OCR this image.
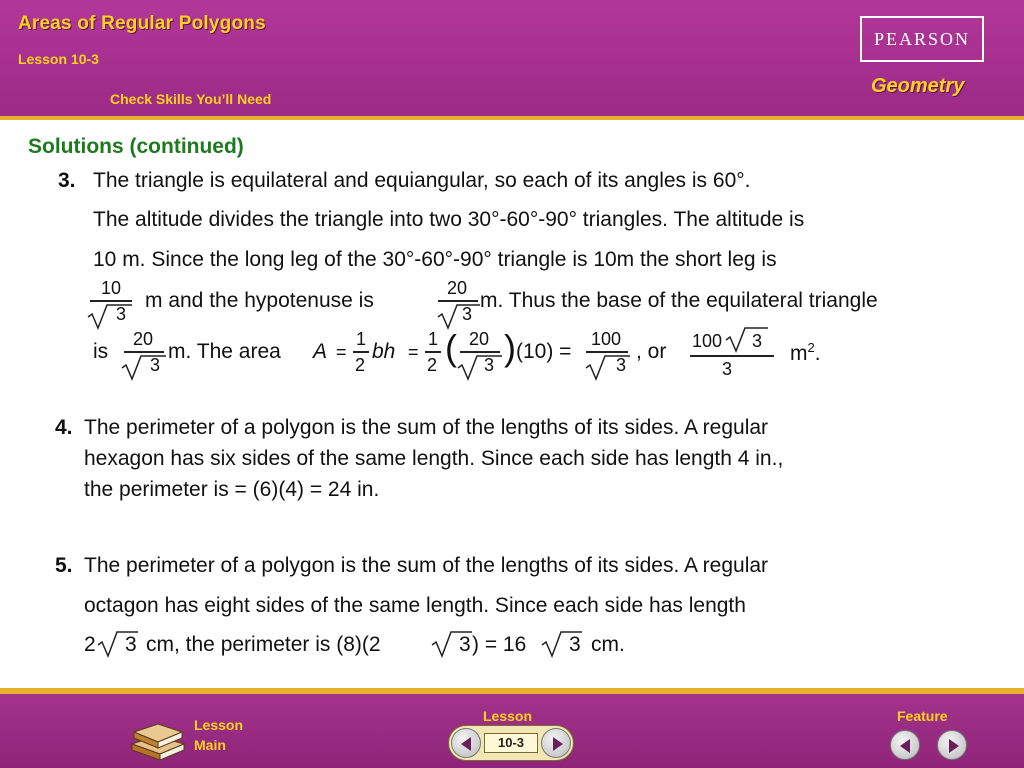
Areas of Regular Polygons
Lesson 10-3
Check Skills You’ll Need
PEARSON
Geometry
Solutions (continued)
3. The triangle is equilateral and equiangular, so each of its angles is 60°.
The altitude divides the triangle into two 30°-60°-90° triangles. The altitude is
10 m. Since the long leg of the 30°-60°-90° triangle is 10m the short leg is
10
3
m and the hypotenuse is
20
3
m. Thus the base of the equilateral triangle
is
20
3
m. The area A =
1
2
bh =
1
2 ( 20
3 ) (10) =
100
3
, or 100 3
3
$m^2$.
4. The perimeter of a polygon is the sum of the lengths of its sides. A regular
hexagon has six sides of the same length. Since each side has length 4 in.,
the perimeter is = (6)(4) = 24 in.
5. The perimeter of a polygon is the sum of the lengths of its sides. A regular
octagon has eight sides of the same length. Since each side has length
2 3 cm, the perimeter is (8)(2	3 ) = 16 3 cm.
Lesson
Main
Lesson
10-3
Feature
